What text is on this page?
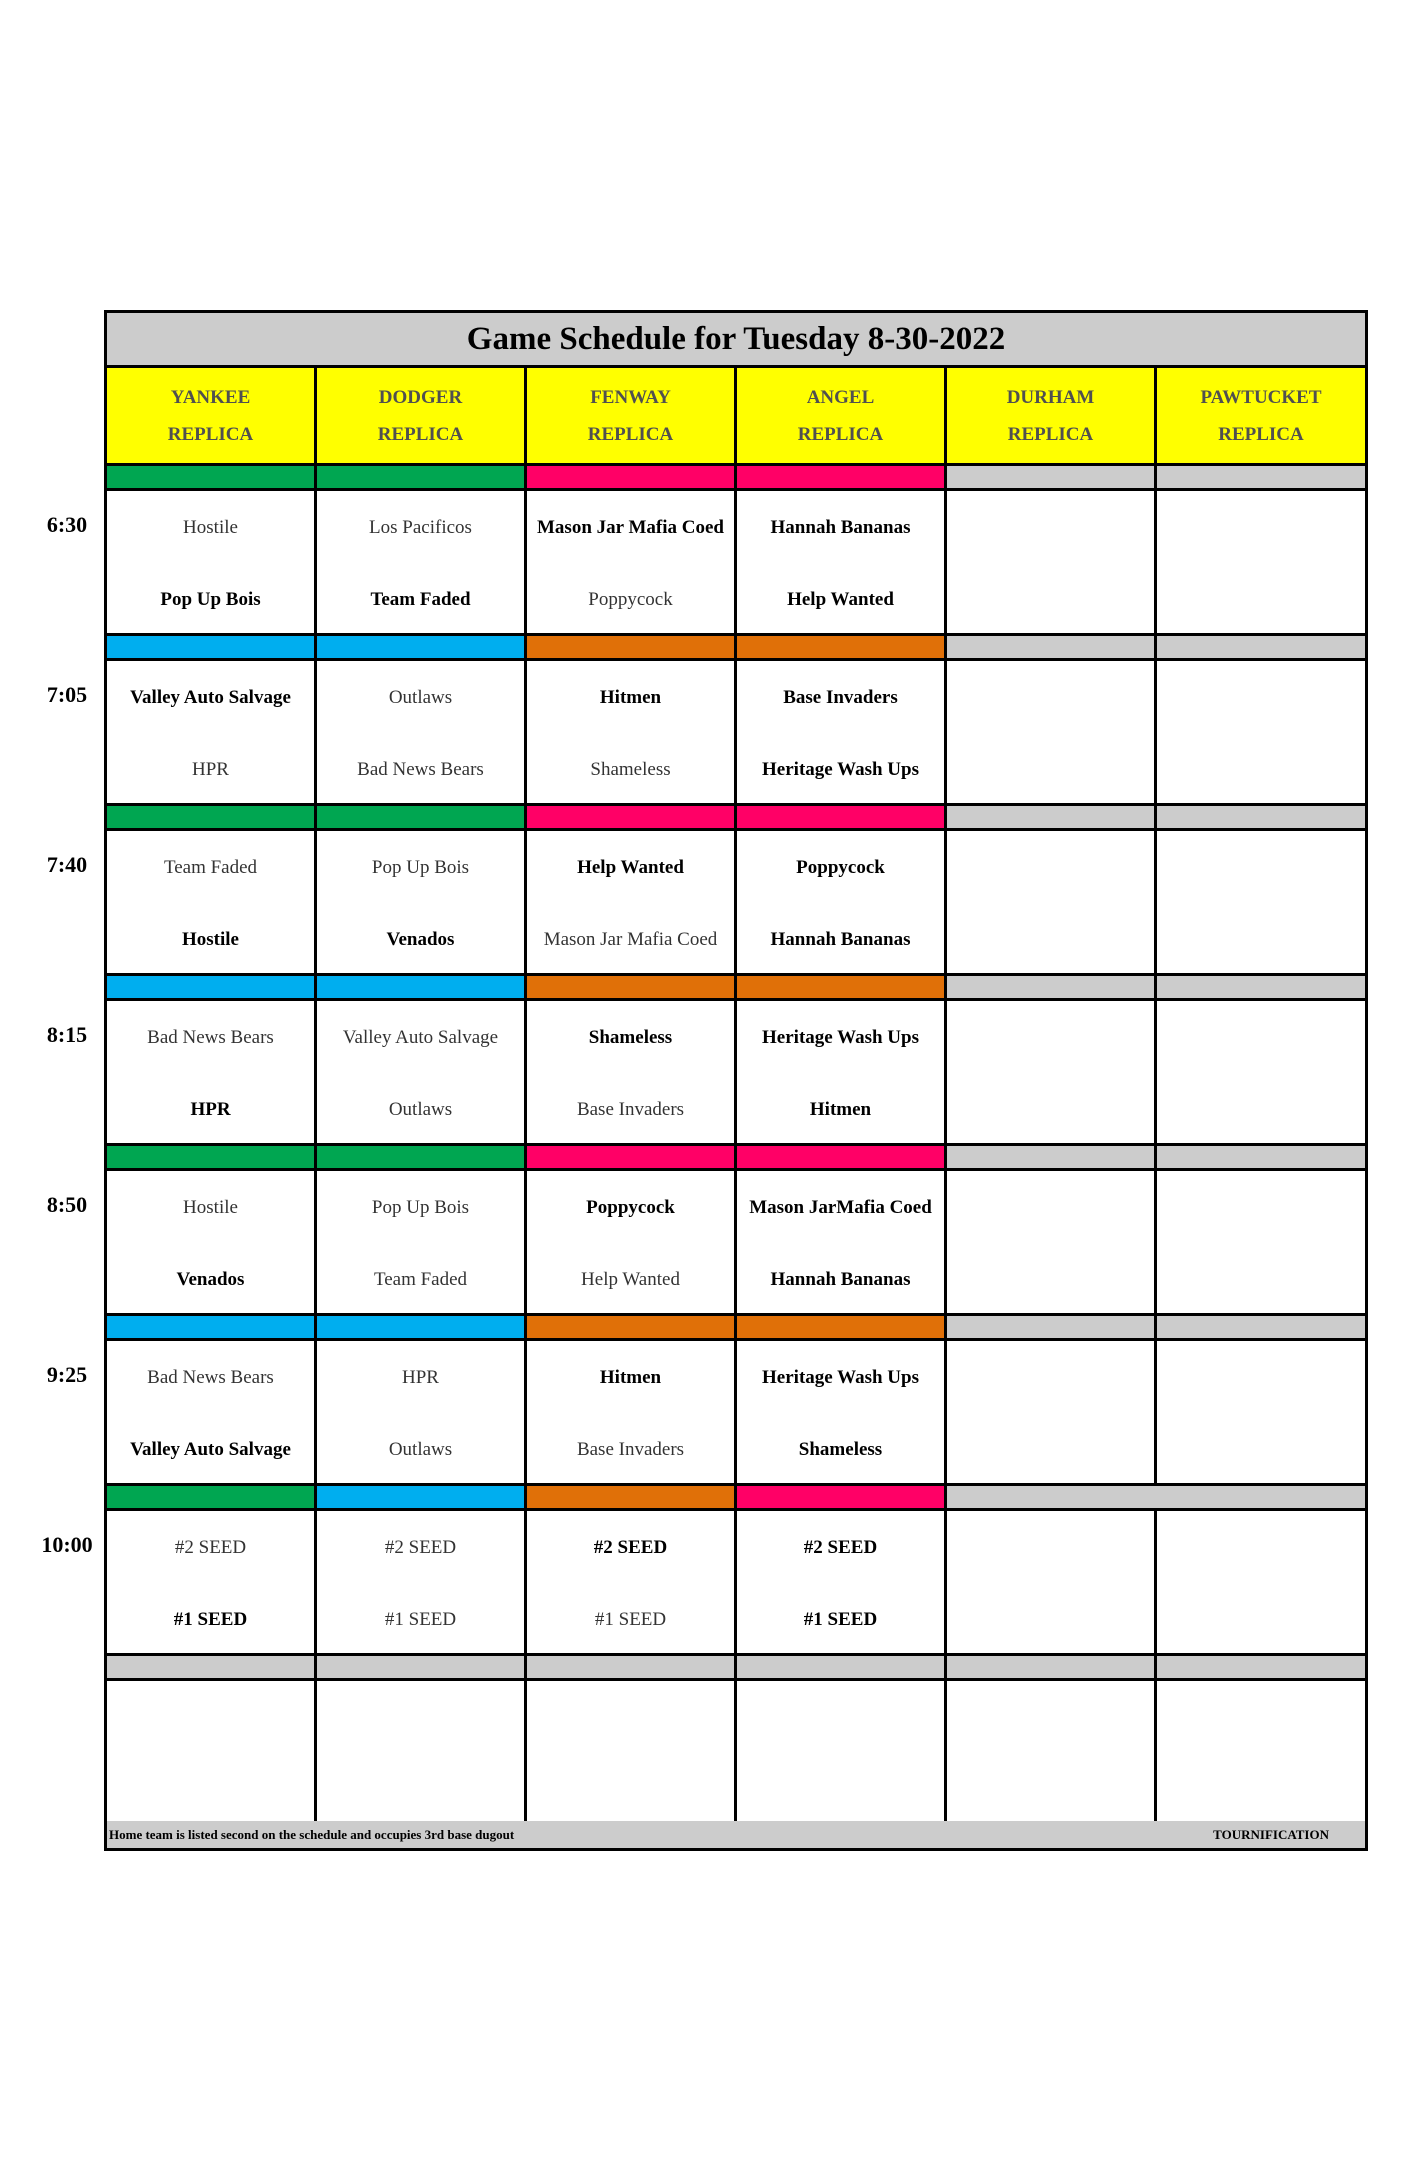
Game Schedule for Tuesday 8-30-2022
YANKEE
REPLICA
DODGER
REPLICA
FENWAY
REPLICA
ANGEL
REPLICA
DURHAM
REPLICA
PAWTUCKET
REPLICA
Hostile
Pop Up Bois
Los Pacificos
Team Faded
Mason Jar Mafia Coed
Poppycock
Hannah Bananas
Help Wanted
Valley Auto Salvage
HPR
Outlaws
Bad News Bears
Hitmen
Shameless
Base Invaders
Heritage Wash Ups
Team Faded
Hostile
Pop Up Bois
Venados
Help Wanted
Mason Jar Mafia Coed
Poppycock
Hannah Bananas
Bad News Bears
HPR
Valley Auto Salvage
Outlaws
Shameless
Base Invaders
Heritage Wash Ups
Hitmen
Hostile
Venados
Pop Up Bois
Team Faded
Poppycock
Help Wanted
Mason JarMafia Coed
Hannah Bananas
Bad News Bears
Valley Auto Salvage
HPR
Outlaws
Hitmen
Base Invaders
Heritage Wash Ups
Shameless
#2 SEED
#1 SEED
#2 SEED
#1 SEED
#2 SEED
#1 SEED
#2 SEED
#1 SEED
Home team is listed second on the schedule and occupies 3rd base dugout	TOURNIFICATION
6:30
7:05
7:40
8:15
8:50
9:25
10:00
